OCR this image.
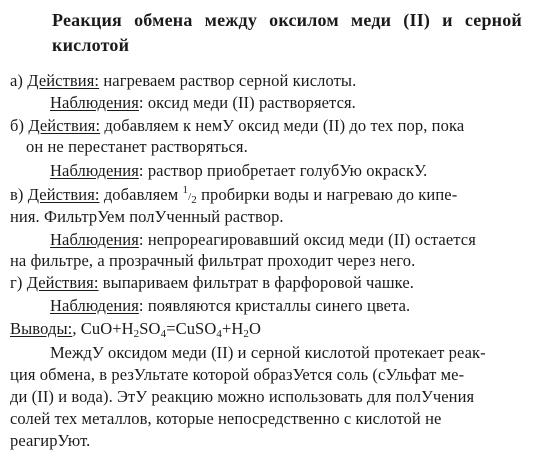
Реакция обмена между оксилом меди (II) и серной кислотой
а) Действия: нагреваем раствор серной кислоты.
Наблюдения: оксид меди (II) растворяется.
б) Действия: добавляем к немУ оксид меди (II) до тех пор, пока
он не перестанет растворяться.
Наблюдения: раствор приобретает голубУю окраскУ.
в) Действия: добавляем 1/2 пробирки воды и нагреваю до кипе-
ния. ФильтрУем полУченный раствор.
Наблюдения: непрореагировавший оксид меди (II) остается
на фильтре, а прозрачный фильтрат проходит через него.
г) Действия: выпариваем фильтрат в фарфоровой чашке.
Наблюдения: появляются кристаллы синего цвета.
Выводы:, $CuO+H_2SO_4=CuSO_4+H_2O$
МеждУ оксидом меди (II) и серной кислотой протекает реак-
ция обмена, в резУльтате которой образУется соль (сУльфат ме-
ди (II) и вода). ЭтУ реакцию можно использовать для полУчения
солей тех металлов, которые непосредственно с кислотой не
реагирУют.
